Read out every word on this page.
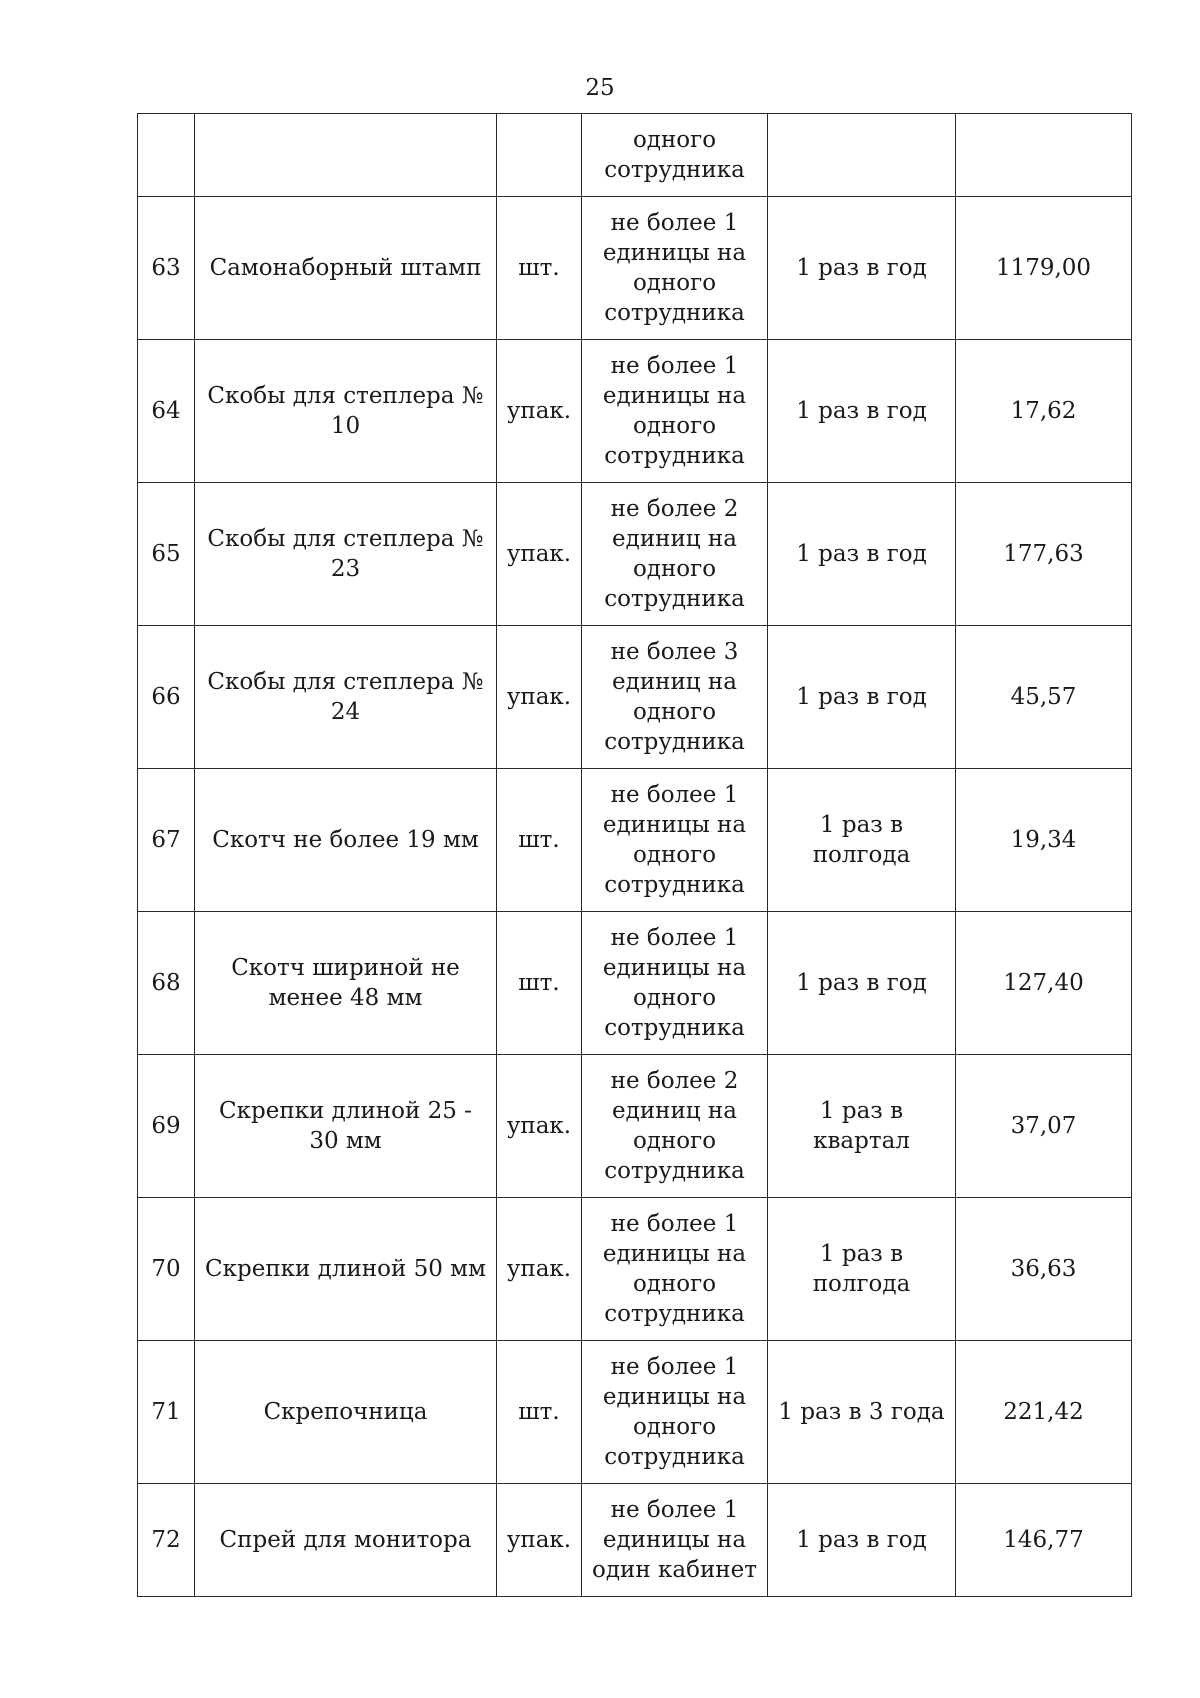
25

			одного
сотрудника		

63	Самонаборный штамп	шт.	не более 1
единицы на
одного
сотрудника	1 раз в год	1179,00
64	Скобы для степлера № 10	упак.	не более 1
единицы на
одного
сотрудника	1 раз в год	17,62
65	Скобы для степлера № 23	упак.	не более 2
единиц на
одного
сотрудника	1 раз в год	177,63
66	Скобы для степлера № 24	упак.	не более 3
единиц на
одного
сотрудника	1 раз в год	45,57
67	Скотч не более 19 мм	шт.	не более 1
единицы на
одного
сотрудника	1 раз в полгода	19,34
68	Скотч шириной не менее 48 мм	шт.	не более 1
единицы на
одного
сотрудника	1 раз в год	127,40
69	Скрепки длиной 25 - 30 мм	упак.	не более 2
единиц на
одного
сотрудника	1 раз в квартал	37,07
70	Скрепки длиной 50 мм	упак.	не более 1
единицы на
одного
сотрудника	1 раз в полгода	36,63
71	Скрепочница	шт.	не более 1
единицы на
одного
сотрудника	1 раз в 3 года	221,42
72	Спрей для монитора	упак.	не более 1
единицы на
один кабинет	1 раз в год	146,77
